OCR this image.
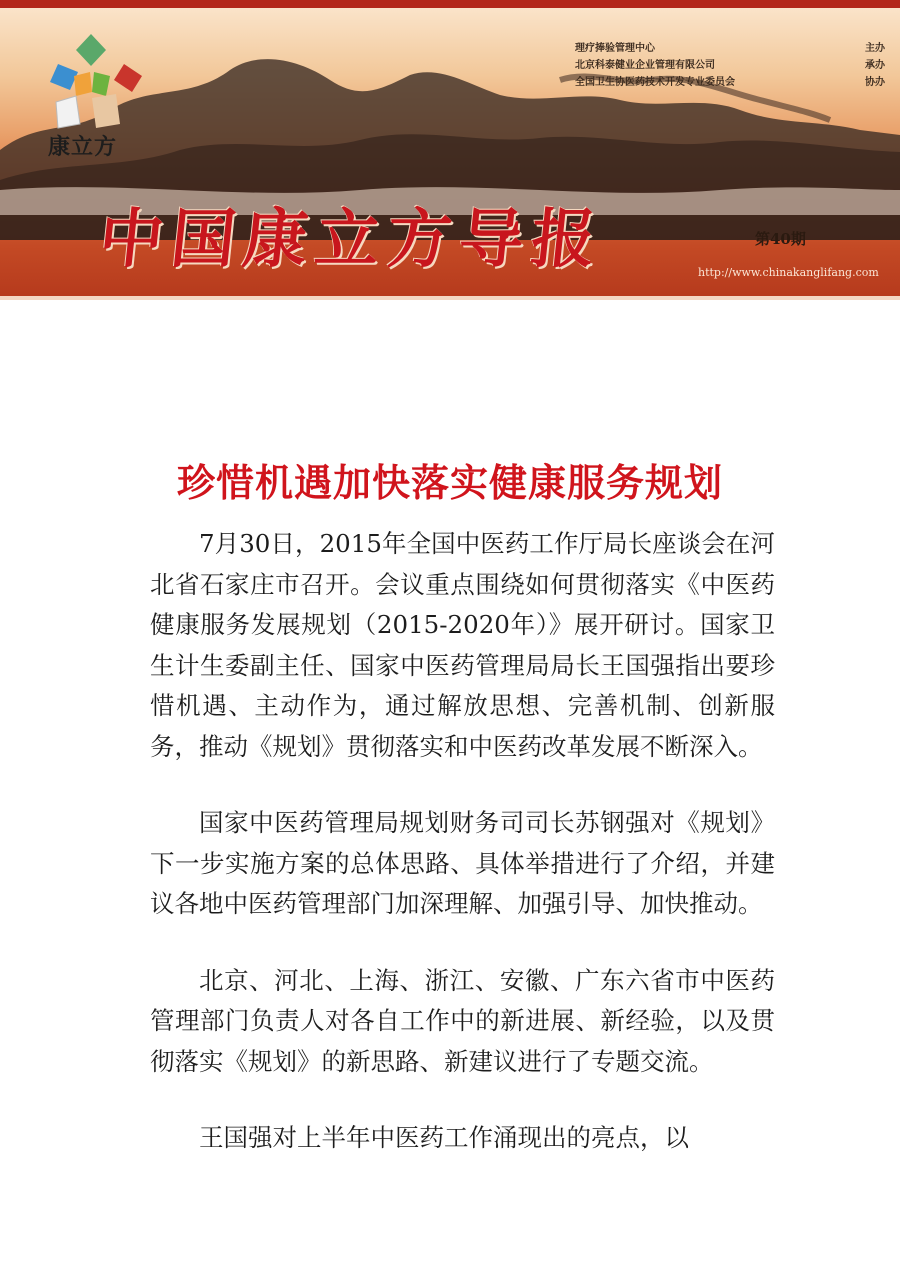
康立方
理疗捧验管理中心	主办
北京科泰健业企业管理有限公司	承办
全国卫生协医药技术开发专业委员会	协办
中国康立方导报	第40期
http://www.chinakanglifang.com
珍惜机遇加快落实健康服务规划

7月30日，2015年全国中医药工作厅局长座谈会在河北省石家庄市召开。会议重点围绕如何贯彻落实《中医药健康服务发展规划（2015-2020年）》展开研讨。国家卫生计生委副主任、国家中医药管理局局长王国强指出要珍惜机遇、主动作为，通过解放思想、完善机制、创新服务，推动《规划》贯彻落实和中医药改革发展不断深入。

国家中医药管理局规划财务司司长苏钢强对《规划》下一步实施方案的总体思路、具体举措进行了介绍，并建议各地中医药管理部门加深理解、加强引导、加快推动。

北京、河北、上海、浙江、安徽、广东六省市中医药管理部门负责人对各自工作中的新进展、新经验，以及贯彻落实《规划》的新思路、新建议进行了专题交流。

王国强对上半年中医药工作涌现出的亮点，以
